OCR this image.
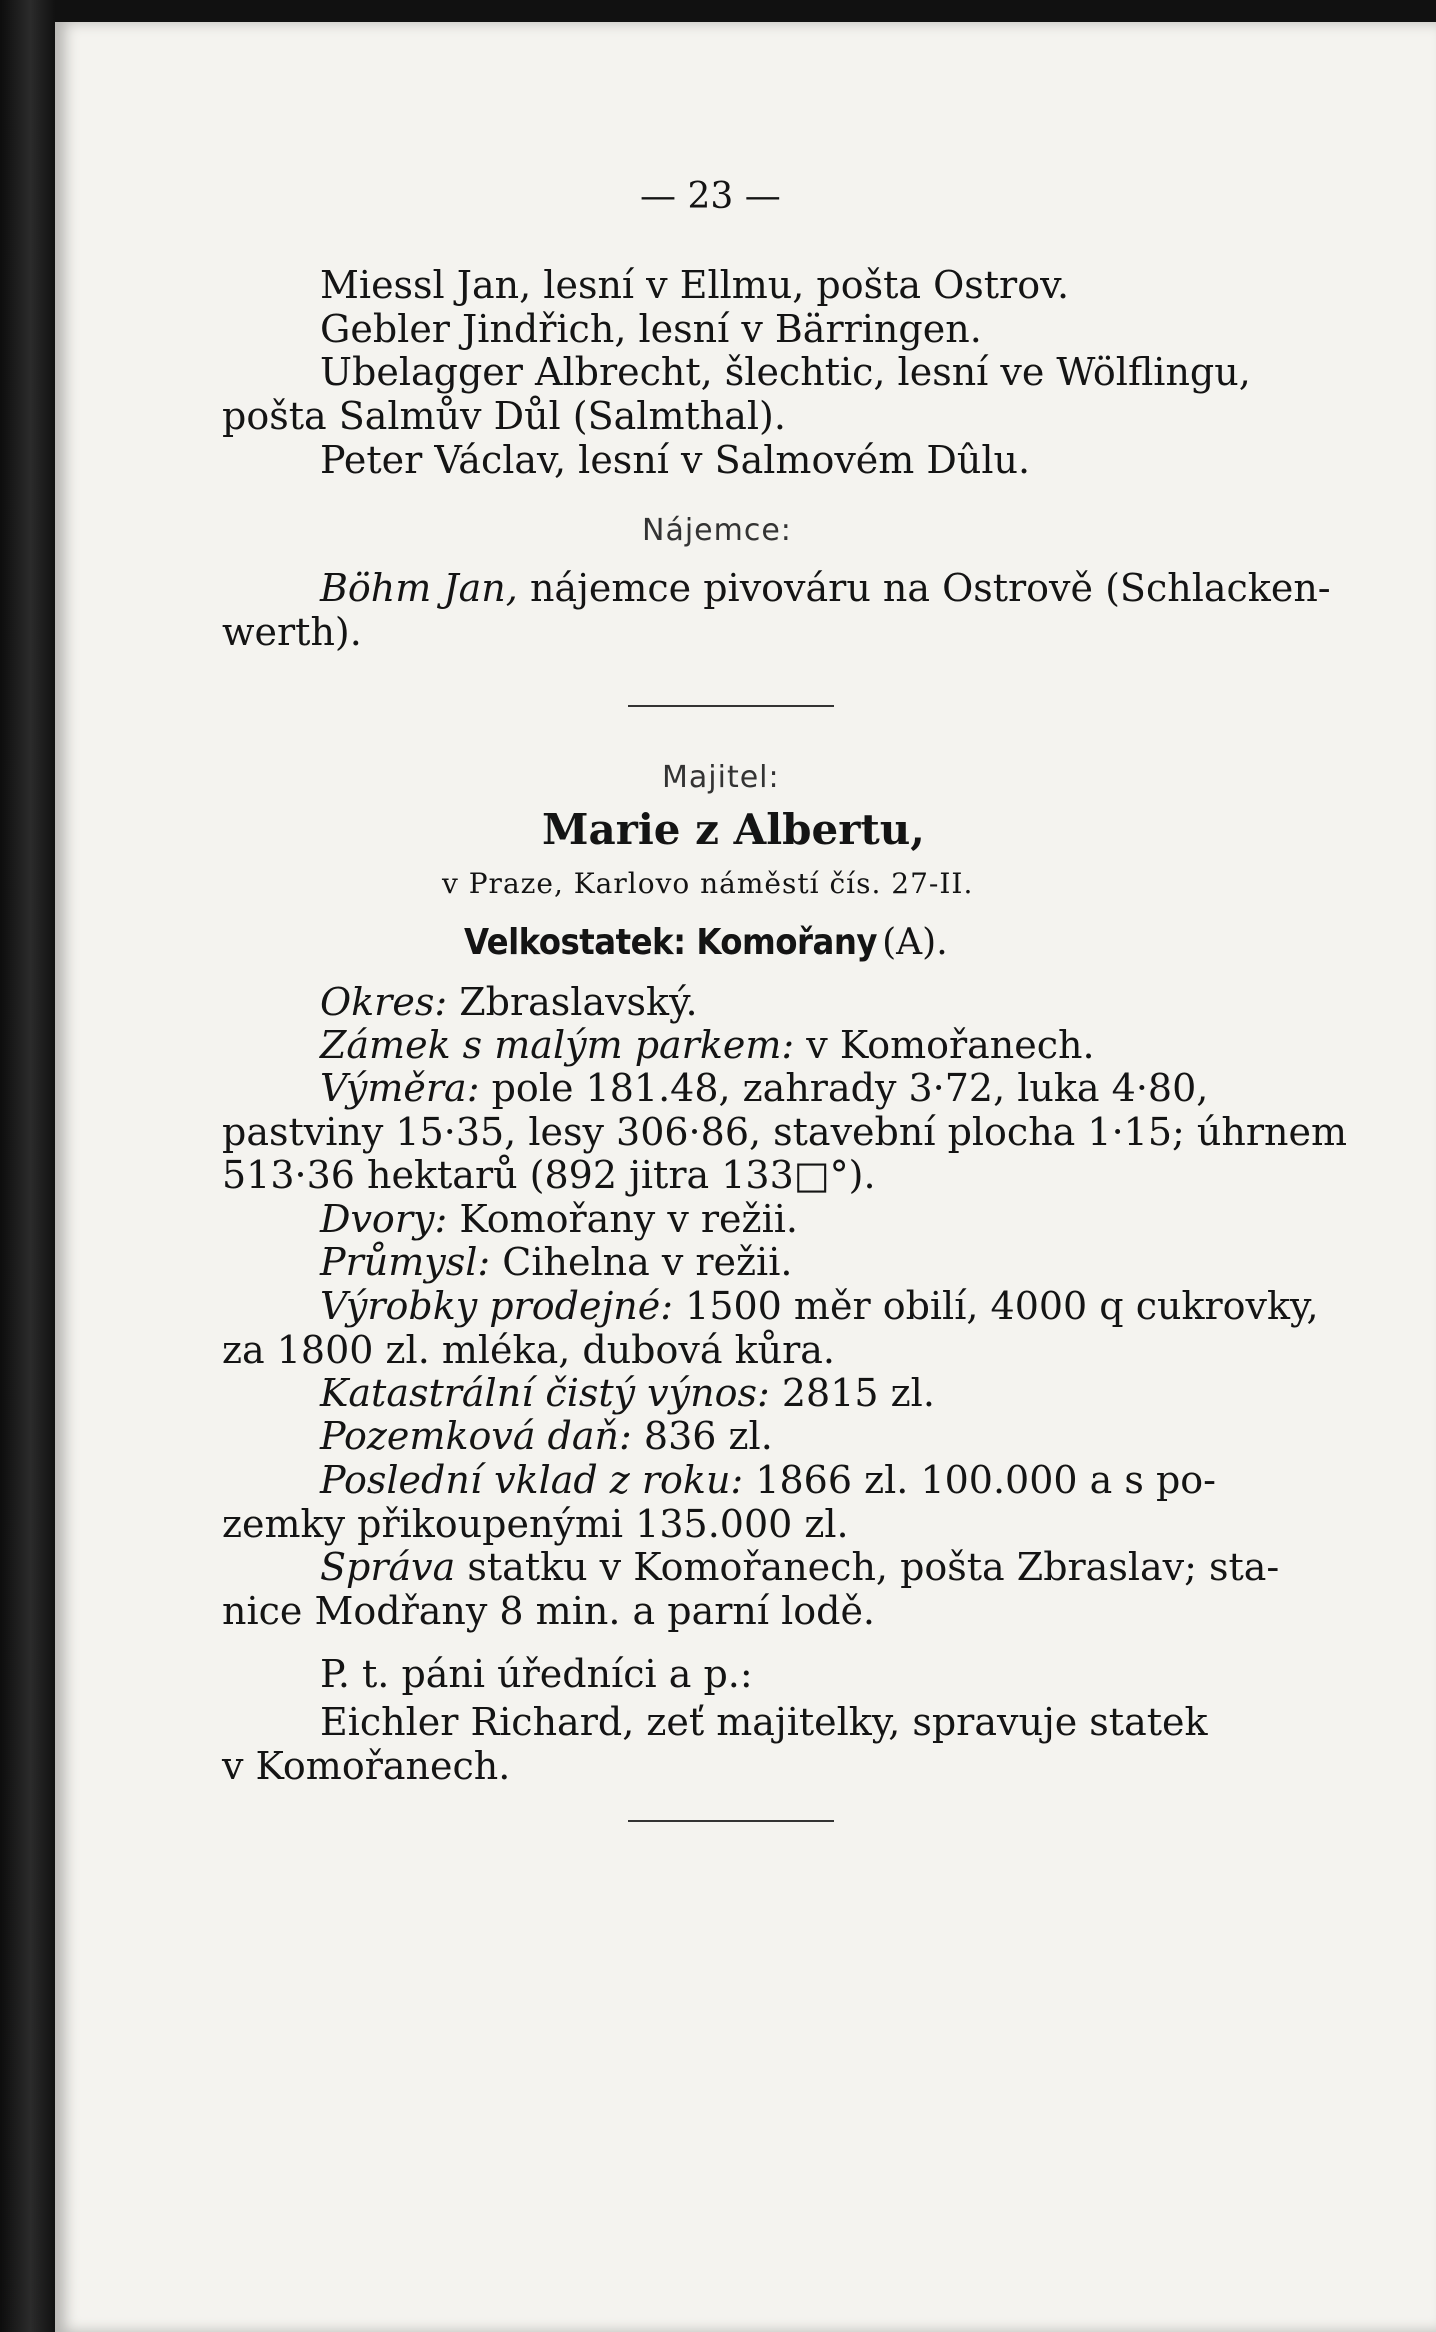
— 23 —
Miessl Jan, lesní v Ellmu, pošta Ostrov.
Gebler Jindřich, lesní v Bärringen.
Ubelagger Albrecht, šlechtic, lesní ve Wölflingu,
pošta Salmův Důl (Salmthal).
Peter Václav, lesní v Salmovém Dûlu.
Nájemce:
Böhm Jan, nájemce pivováru na Ostrově (Schlacken-
werth).
Majitel:
Marie z Albertu,
v Praze, Karlovo náměstí čís. 27-II.
Velkostatek: Komořany (A).
Okres: Zbraslavský.
Zámek s malým parkem: v Komořanech.
Výměra: pole 181.48, zahrady 3·72, luka 4·80,
pastviny 15·35, lesy 306·86, stavební plocha 1·15; úhrnem
513·36 hektarů (892 jitra 133□°).
Dvory: Komořany v režii.
Průmysl: Cihelna v režii.
Výrobky prodejné: 1500 měr obilí, 4000 q cukrovky,
za 1800 zl. mléka, dubová kůra.
Katastrální čistý výnos: 2815 zl.
Pozemková daň: 836 zl.
Poslední vklad z roku: 1866 zl. 100.000 a s po-
zemky přikoupenými 135.000 zl.
Správa statku v Komořanech, pošta Zbraslav; sta-
nice Modřany 8 min. a parní lodě.
P. t. páni úředníci a p.:
Eichler Richard, zeť majitelky, spravuje statek
v Komořanech.
